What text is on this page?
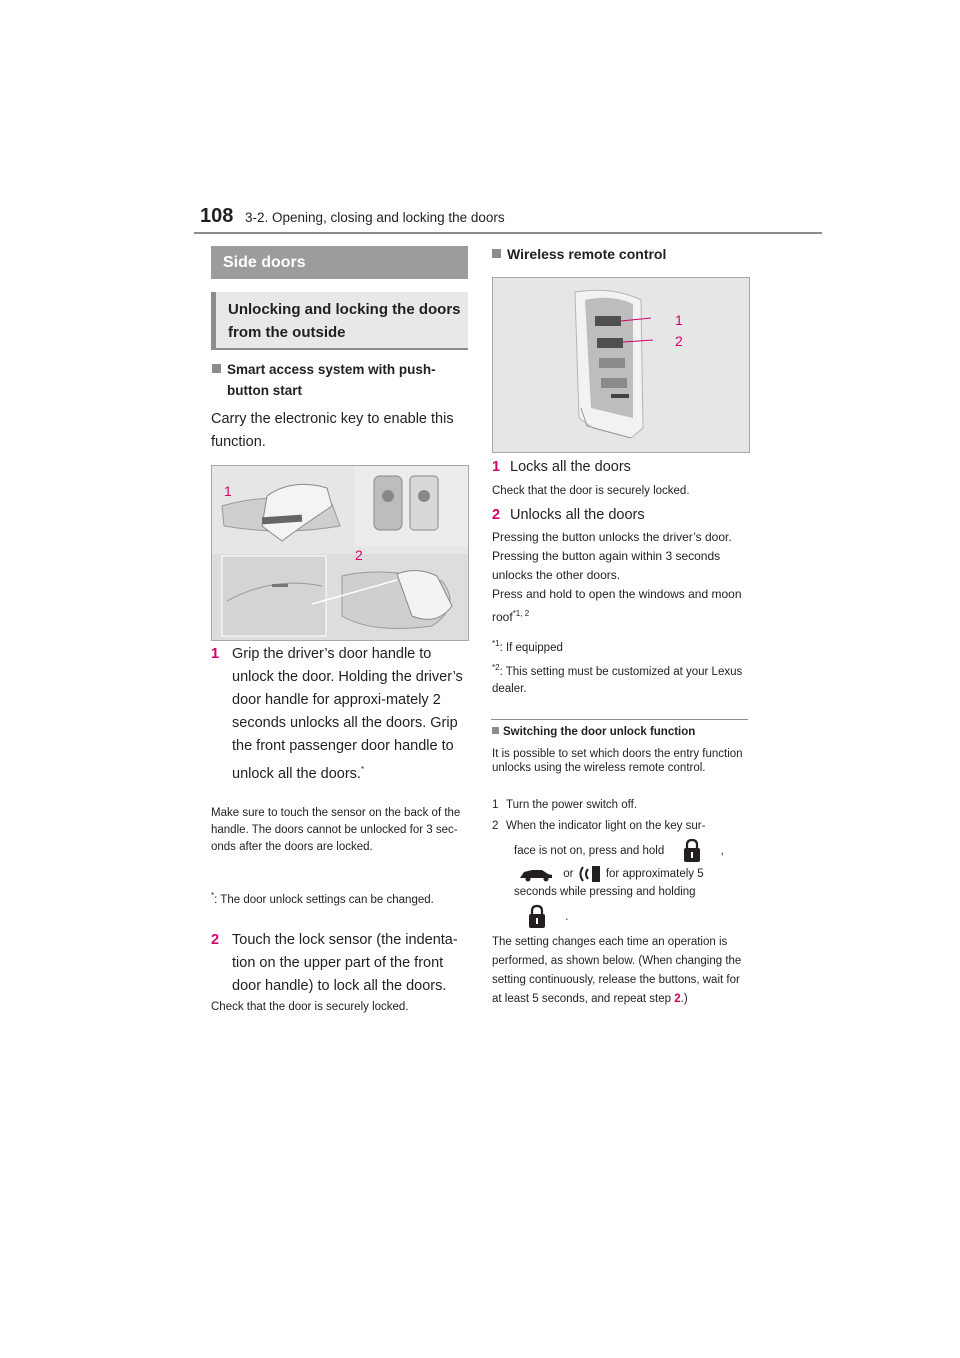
108 3-2. Opening, closing and locking the doors
Side doors
Unlocking and locking the doors from the outside
Smart access system with push-button start
Carry the electronic key to enable this function.
1
2
1 Grip the driver’s door handle to unlock the door. Holding the driver’s door handle for approxi-mately 2 seconds unlocks all the doors. Grip the front passenger door handle to unlock all the doors.*
Make sure to touch the sensor on the back of the handle. The doors cannot be unlocked for 3 sec-onds after the doors are locked.
*: The door unlock settings can be changed.
2 Touch the lock sensor (the indenta-tion on the upper part of the front door handle) to lock all the doors.
Check that the door is securely locked.
Wireless remote control
1
2
1 Locks all the doors
Check that the door is securely locked.
2 Unlocks all the doors
Pressing the button unlocks the driver’s door. Pressing the button again within 3 seconds unlocks the other doors.
Press and hold to open the windows and moon roof$^{*1, 2}$
$^{*1}$: If equipped
$^{*2}$: This setting must be customized at your Lexus dealer.
Switching the door unlock function
It is possible to set which doors the entry function unlocks using the wireless remote control.
1 Turn the power switch off.
2 When the indicator light on the key sur-
face is not on, press and hold	,
or	for approximately 5
seconds while pressing and holding
.
The setting changes each time an operation is performed, as shown below. (When changing the setting continuously, release the buttons, wait for at least 5 seconds, and repeat step 2.)
